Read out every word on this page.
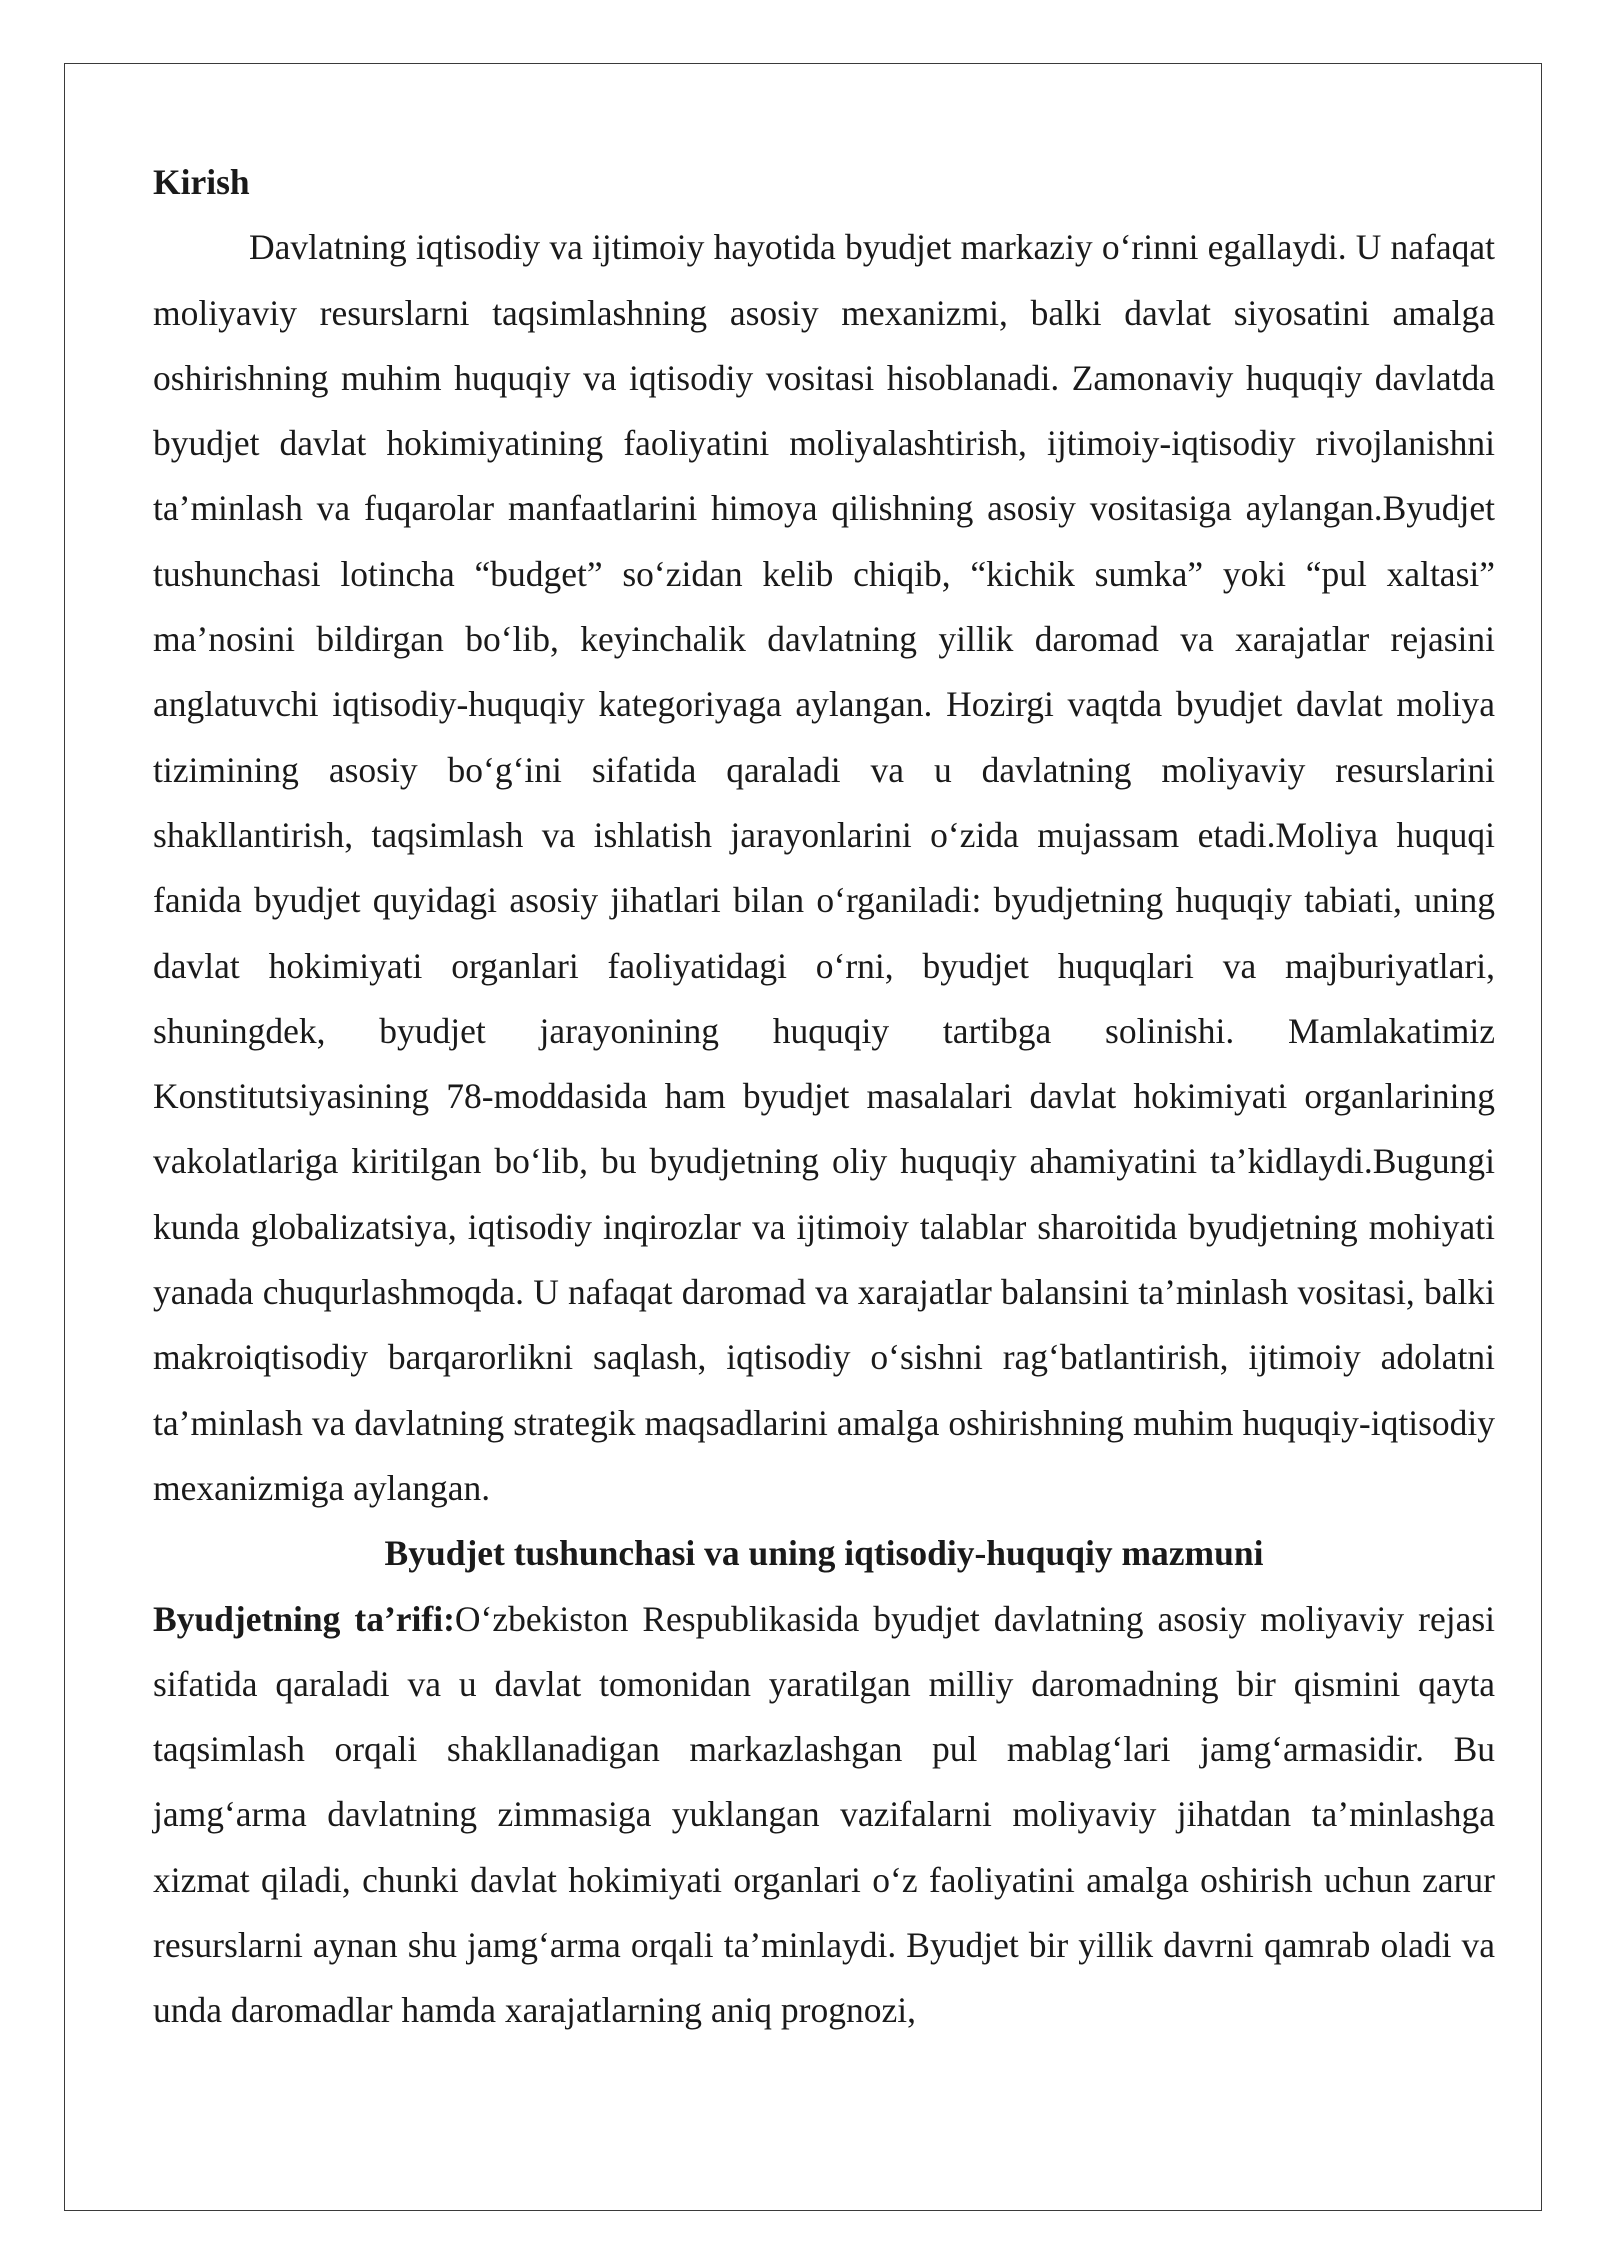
Kirish

Davlatning iqtisodiy va ijtimoiy hayotida byudjet markaziy o‘rinni egallaydi. U nafaqat moliyaviy resurslarni taqsimlashning asosiy mexanizmi, balki davlat siyosatini amalga oshirishning muhim huquqiy va iqtisodiy vositasi hisoblanadi. Zamonaviy huquqiy davlatda byudjet davlat hokimiyatining faoliyatini moliyalashtirish, ijtimoiy-iqtisodiy rivojlanishni ta’minlash va fuqarolar manfaatlarini himoya qilishning asosiy vositasiga aylangan.Byudjet tushunchasi lotincha “budget” so‘zidan kelib chiqib, “kichik sumka” yoki “pul xaltasi” ma’nosini bildirgan bo‘lib, keyinchalik davlatning yillik daromad va xarajatlar rejasini anglatuvchi iqtisodiy-huquqiy kategoriyaga aylangan. Hozirgi vaqtda byudjet davlat moliya tizimining asosiy bo‘g‘ini sifatida qaraladi va u davlatning moliyaviy resurslarini shakllantirish, taqsimlash va ishlatish jarayonlarini o‘zida mujassam etadi.Moliya huquqi fanida byudjet quyidagi asosiy jihatlari bilan o‘rganiladi: byudjetning huquqiy tabiati, uning davlat hokimiyati organlari faoliyatidagi o‘rni, byudjet huquqlari va majburiyatlari, shuningdek, byudjet jarayonining huquqiy tartibga solinishi. Mamlakatimiz Konstitutsiyasining 78-moddasida ham byudjet masalalari davlat hokimiyati organlarining vakolatlariga kiritilgan bo‘lib, bu byudjetning oliy huquqiy ahamiyatini ta’kidlaydi.Bugungi kunda globalizatsiya, iqtisodiy inqirozlar va ijtimoiy talablar sharoitida byudjetning mohiyati yanada chuqurlashmoqda. U nafaqat daromad va xarajatlar balansini ta’minlash vositasi, balki makroiqtisodiy barqarorlikni saqlash, iqtisodiy o‘sishni rag‘batlantirish, ijtimoiy adolatni ta’minlash va davlatning strategik maqsadlarini amalga oshirishning muhim huquqiy-iqtisodiy mexanizmiga aylangan.

Byudjet tushunchasi va uning iqtisodiy-huquqiy mazmuni

Byudjetning ta’rifi:O‘zbekiston Respublikasida byudjet davlatning asosiy moliyaviy rejasi sifatida qaraladi va u davlat tomonidan yaratilgan milliy daromadning bir qismini qayta taqsimlash orqali shakllanadigan markazlashgan pul mablag‘lari jamg‘armasidir. Bu jamg‘arma davlatning zimmasiga yuklangan vazifalarni moliyaviy jihatdan ta’minlashga xizmat qiladi, chunki davlat hokimiyati organlari o‘z faoliyatini amalga oshirish uchun zarur resurslarni aynan shu jamg‘arma orqali ta’minlaydi. Byudjet bir yillik davrni qamrab oladi va unda daromadlar hamda xarajatlarning aniq prognozi,
